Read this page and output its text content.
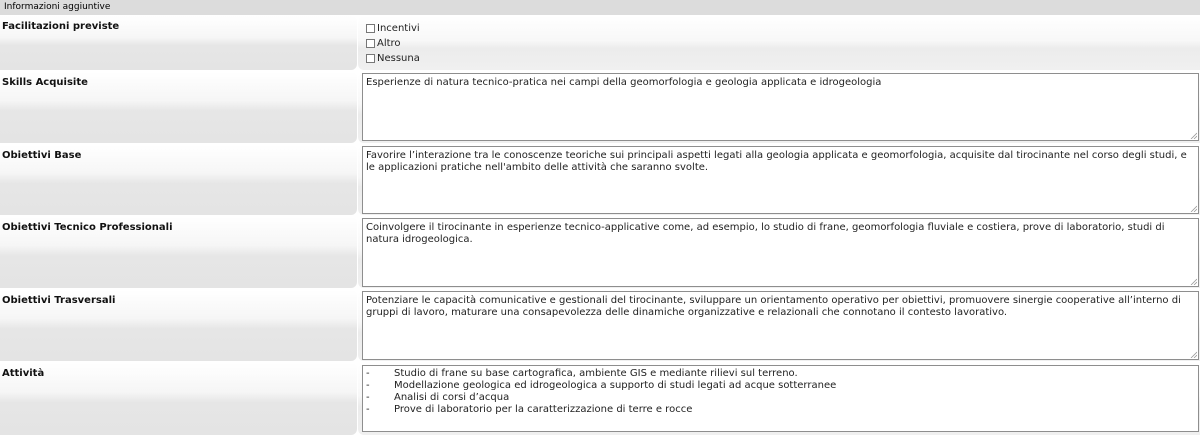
Informazioni aggiuntive
Facilitazioni previste	Incentivi
Altro
Nessuna
Skills Acquisite	Esperienze di natura tecnico-pratica nei campi della geomorfologia e geologia applicata e idrogeologia
Obiettivi Base	Favorire l’interazione tra le conoscenze teoriche sui principali aspetti legati alla geologia applicata e geomorfologia, acquisite dal tirocinante nel corso degli studi, e le applicazioni pratiche nell'ambito delle attività che saranno svolte.
Obiettivi Tecnico Professionali	Coinvolgere il tirocinante in esperienze tecnico-applicative come, ad esempio, lo studio di frane, geomorfologia fluviale e costiera, prove di laboratorio, studi di natura idrogeologica.
Obiettivi Trasversali	Potenziare le capacità comunicative e gestionali del tirocinante, sviluppare un orientamento operativo per obiettivi, promuovere sinergie cooperative all’interno di gruppi di lavoro, maturare una consapevolezza delle dinamiche organizzative e relazionali che connotano il contesto lavorativo.
Attività	-	Studio di frane su base cartografica, ambiente GIS e mediante rilievi sul terreno.
-	Modellazione geologica ed idrogeologica a supporto di studi legati ad acque sotterranee
-	Analisi di corsi d’acqua
-	Prove di laboratorio per la caratterizzazione di terre e rocce
